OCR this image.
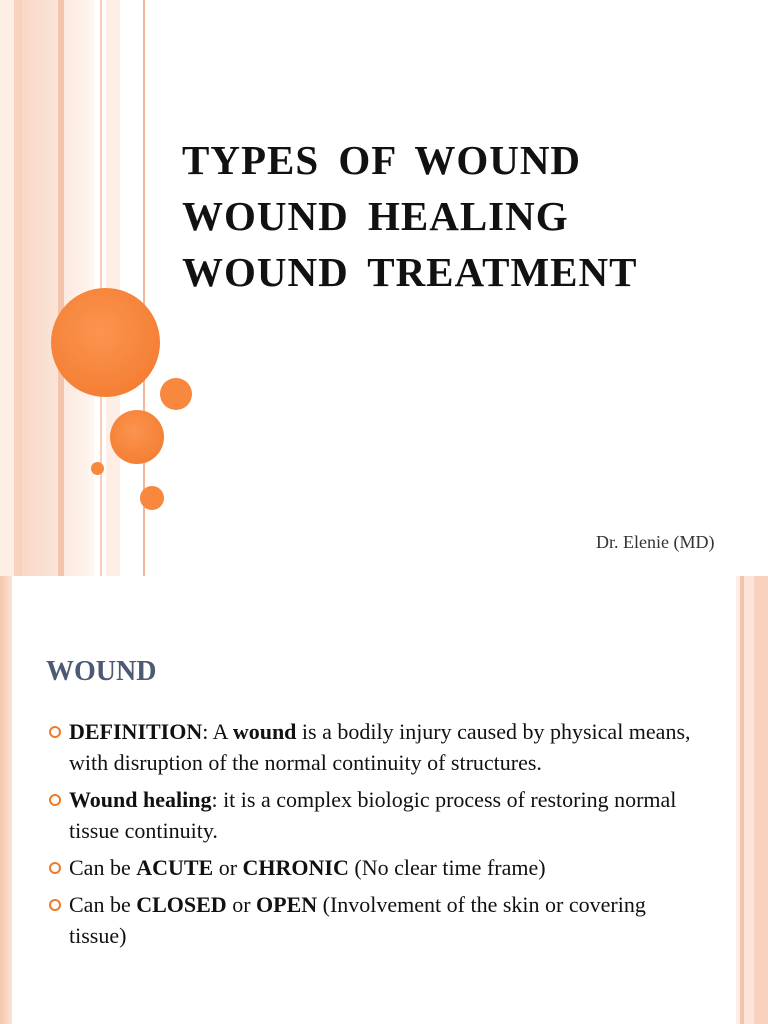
TYPES OF WOUND
WOUND HEALING
WOUND TREATMENT
Dr. Elenie (MD)
WOUND
DEFINITION: A wound is a bodily injury caused by physical means, with disruption of the normal continuity of structures.
Wound healing: it is a complex biologic process of restoring normal tissue continuity.
Can be ACUTE or CHRONIC (No clear time frame)
Can be CLOSED or OPEN (Involvement of the skin or covering tissue)
